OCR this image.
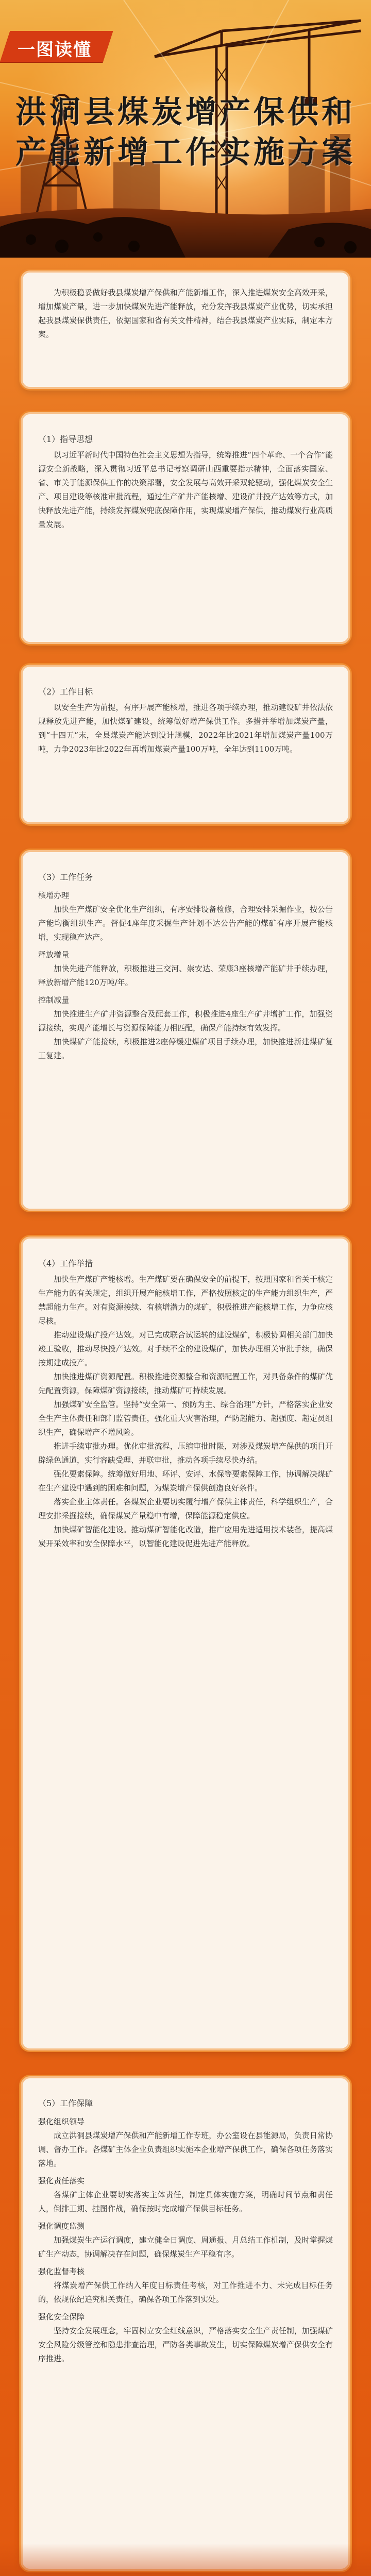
一图读懂
洪洞县煤炭增产保供和
产能新增工作实施方案

为积极稳妥做好我县煤炭增产保供和产能新增工作，深入推进煤炭安全高效开采，增加煤炭产量，进一步加快煤炭先进产能释放，充分发挥我县煤炭产业优势，切实承担起我县煤炭保供责任，依据国家和省有关文件精神，结合我县煤炭产业实际，制定本方案。

（1）指导思想

以习近平新时代中国特色社会主义思想为指导，统筹推进“四个革命、一个合作”能源安全新战略，深入贯彻习近平总书记考察调研山西重要指示精神，全面落实国家、省、市关于能源保供工作的决策部署，安全发展与高效开采双轮驱动，强化煤炭安全生产、项目建设等核准审批流程，通过生产矿井产能核增、建设矿井投产达效等方式，加快释放先进产能，持续发挥煤炭兜底保障作用，实现煤炭增产保供，推动煤炭行业高质量发展。

（2）工作目标

以安全生产为前提，有序开展产能核增，推进各项手续办理，推动建设矿井依法依规释放先进产能，加快煤矿建设，统筹做好增产保供工作。多措并举增加煤炭产量，到“十四五”末，全县煤炭产能达到设计规模，2022年比2021年增加煤炭产量100万吨，力争2023年比2022年再增加煤炭产量100万吨，全年达到1100万吨。

（3）工作任务
核增办理

加快生产煤矿安全优化生产组织，有序安排设备检修，合理安排采掘作业，按公告产能均衡组织生产。督促4座年度采掘生产计划不达公告产能的煤矿有序开展产能核增，实现稳产达产。

释放增量

加快先进产能释放，积极推进三交河、崇安达、荣康3座核增产能矿井手续办理，释放新增产能120万吨/年。

控制减量

加快推进生产矿井资源整合及配套工作，积极推进4座生产矿井增扩工作，加强资源接续，实现产能增长与资源保障能力相匹配，确保产能持续有效发挥。

加快煤矿产能接续，积极推进2座停缓建煤矿项目手续办理，加快推进新建煤矿复工复建。

（4）工作举措

加快生产煤矿产能核增。生产煤矿要在确保安全的前提下，按照国家和省关于核定生产能力的有关规定，组织开展产能核增工作，严格按照核定的生产能力组织生产，严禁超能力生产。对有资源接续、有核增潜力的煤矿，积极推进产能核增工作，力争应核尽核。

推动建设煤矿投产达效。对已完成联合试运转的建设煤矿，积极协调相关部门加快竣工验收，推动尽快投产达效。对手续不全的建设煤矿，加快办理相关审批手续，确保按期建成投产。

加快推进煤矿资源配置。积极推进资源整合和资源配置工作，对具备条件的煤矿优先配置资源，保障煤矿资源接续，推动煤矿可持续发展。

加强煤矿安全监管。坚持“安全第一、预防为主、综合治理”方针，严格落实企业安全生产主体责任和部门监管责任，强化重大灾害治理，严防超能力、超强度、超定员组织生产，确保增产不增风险。

推进手续审批办理。优化审批流程，压缩审批时限，对涉及煤炭增产保供的项目开辟绿色通道，实行容缺受理、并联审批，推动各项手续尽快办结。

强化要素保障。统筹做好用地、环评、安评、水保等要素保障工作，协调解决煤矿在生产建设中遇到的困难和问题，为煤炭增产保供创造良好条件。

落实企业主体责任。各煤炭企业要切实履行增产保供主体责任，科学组织生产，合理安排采掘接续，确保煤炭产量稳中有增，保障能源稳定供应。

加快煤矿智能化建设。推动煤矿智能化改造，推广应用先进适用技术装备，提高煤炭开采效率和安全保障水平，以智能化建设促进先进产能释放。

（5）工作保障
强化组织领导

成立洪洞县煤炭增产保供和产能新增工作专班，办公室设在县能源局，负责日常协调、督办工作。各煤矿主体企业负责组织实施本企业增产保供工作，确保各项任务落实落地。

强化责任落实

各煤矿主体企业要切实落实主体责任，制定具体实施方案，明确时间节点和责任人，倒排工期、挂图作战，确保按时完成增产保供目标任务。

强化调度监测

加强煤炭生产运行调度，建立健全日调度、周通报、月总结工作机制，及时掌握煤矿生产动态，协调解决存在问题，确保煤炭生产平稳有序。

强化监督考核

将煤炭增产保供工作纳入年度目标责任考核，对工作推进不力、未完成目标任务的，依规依纪追究相关责任，确保各项工作落到实处。

强化安全保障

坚持安全发展理念，牢固树立安全红线意识，严格落实安全生产责任制，加强煤矿安全风险分级管控和隐患排查治理，严防各类事故发生，切实保障煤炭增产保供安全有序推进。
